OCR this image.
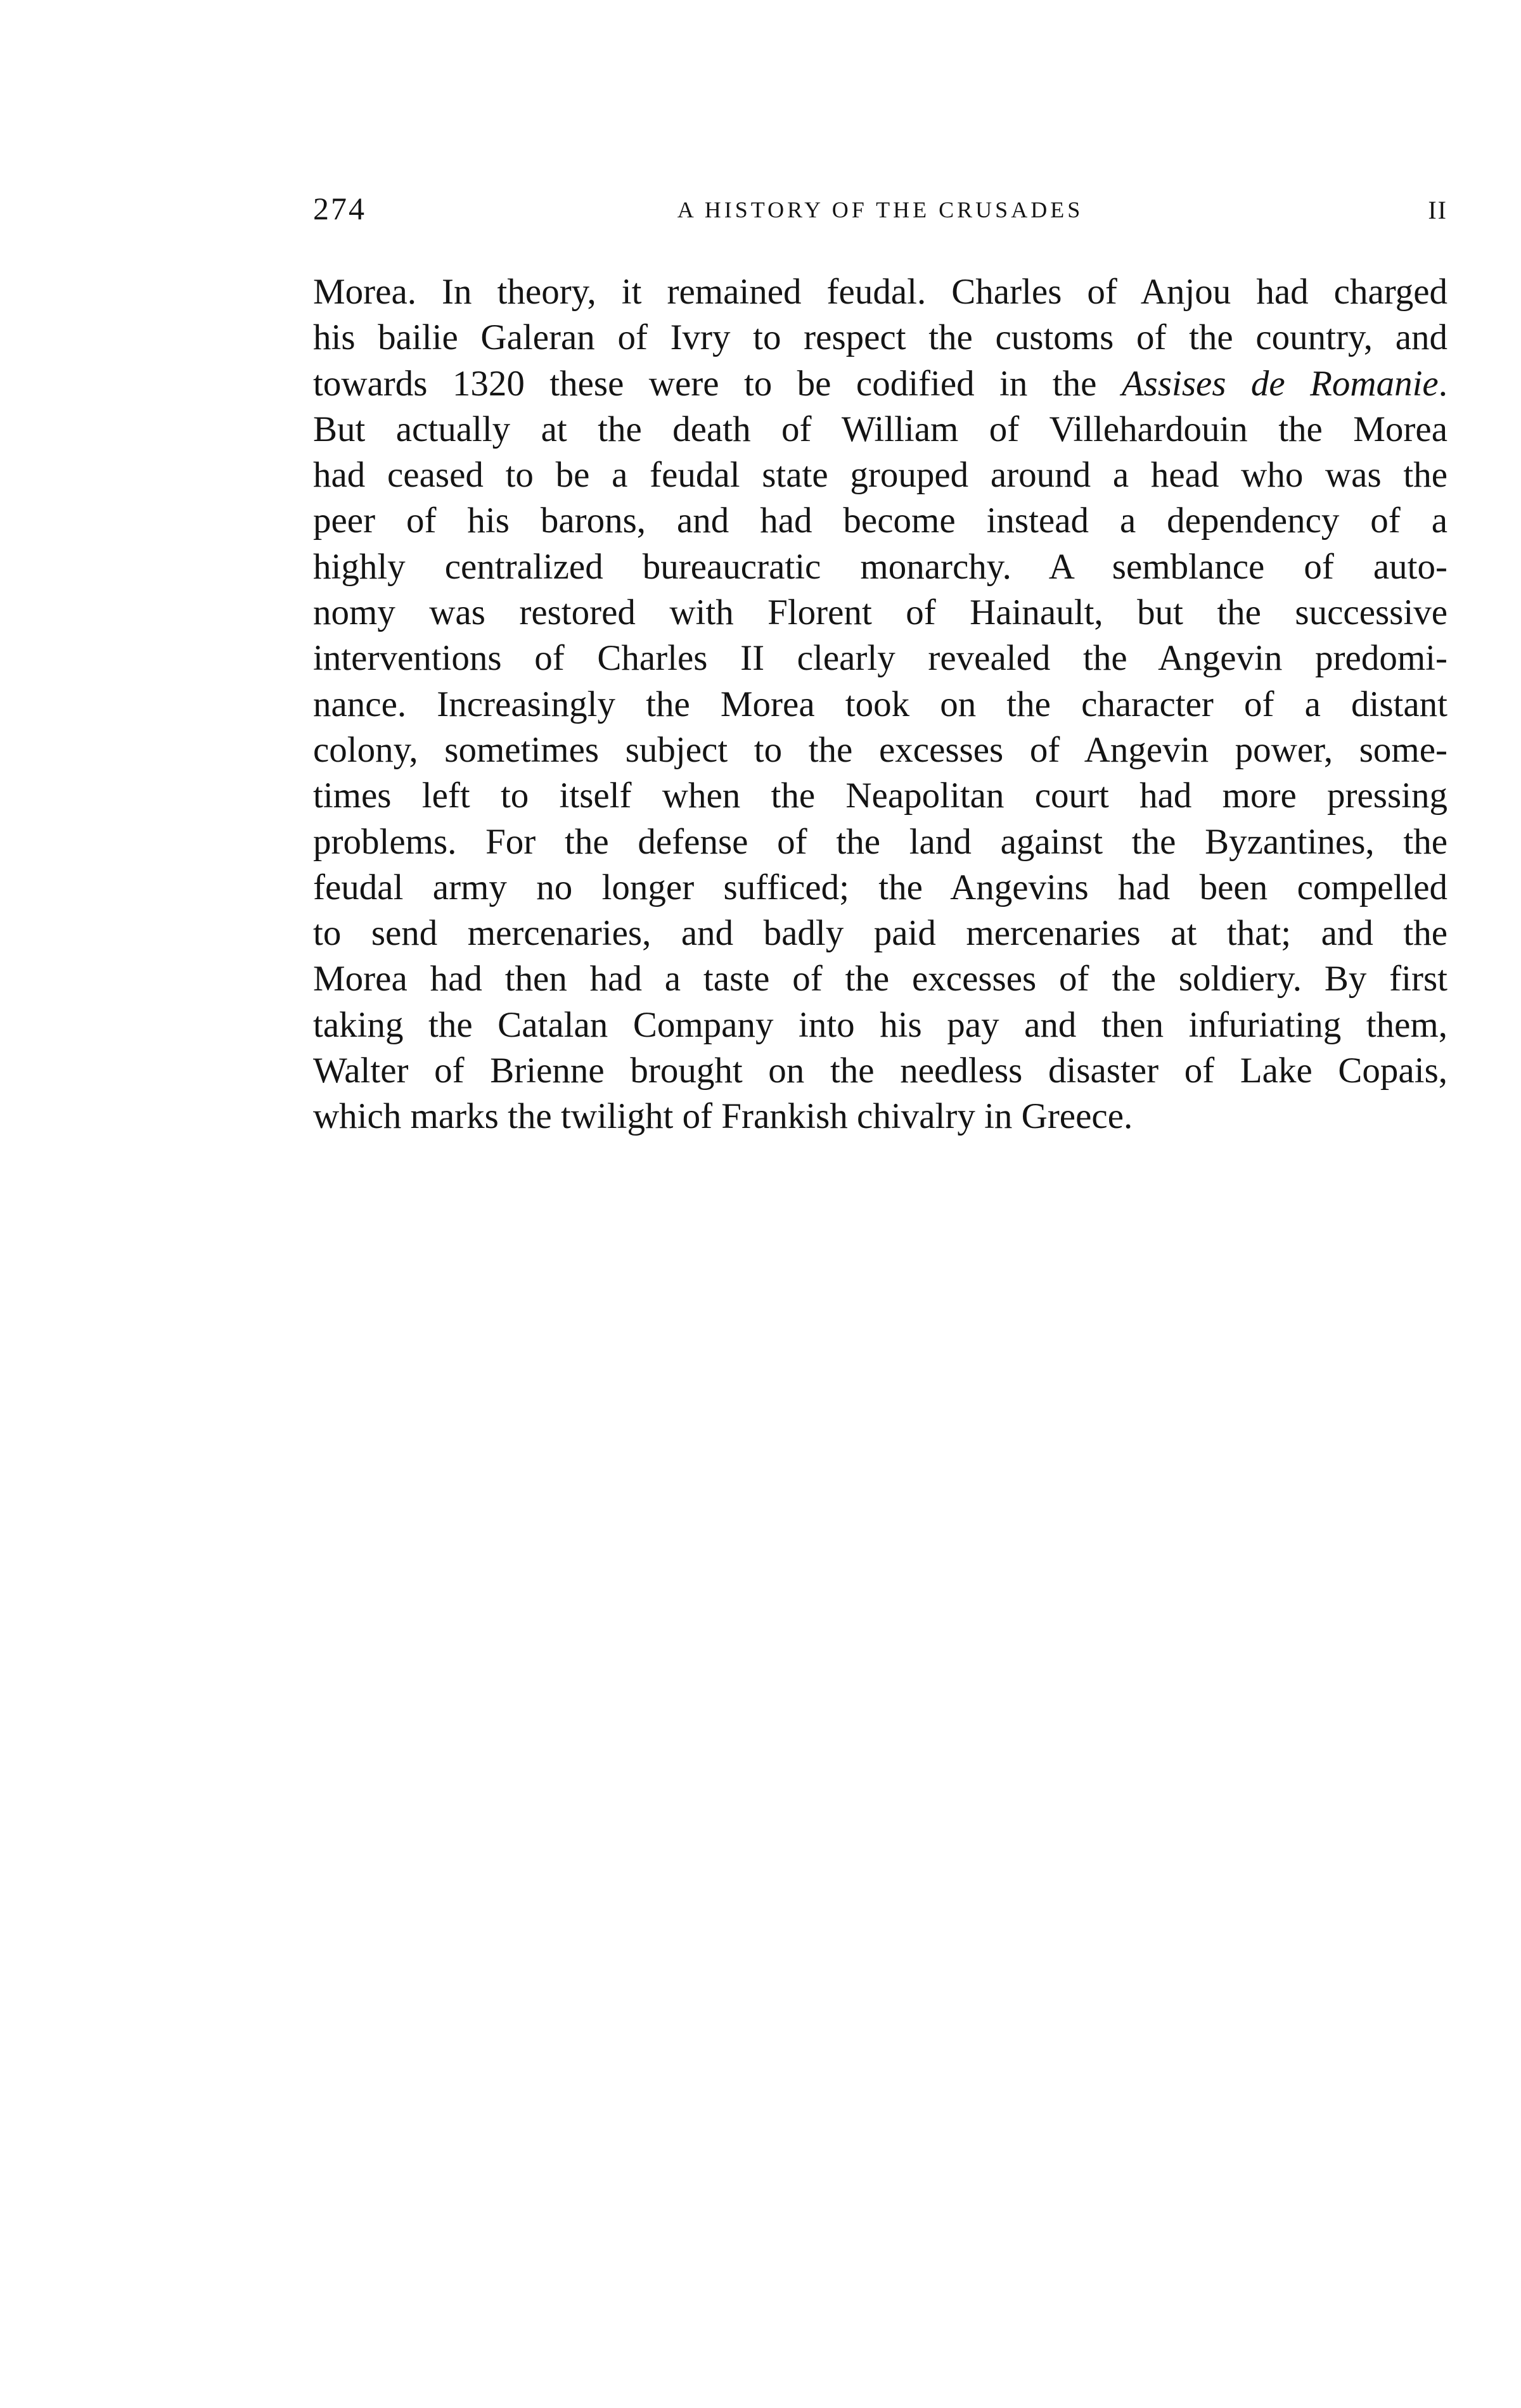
274	A HISTORY OF THE CRUSADES	II
Morea. In theory, it remained feudal. Charles of Anjou had charged
his bailie Galeran of Ivry to respect the customs of the country, and
towards 1320 these were to be codified in the Assises de Romanie.
But actually at the death of William of Villehardouin the Morea
had ceased to be a feudal state grouped around a head who was the
peer of his barons, and had become instead a dependency of a
highly centralized bureaucratic monarchy. A semblance of auto-
nomy was restored with Florent of Hainault, but the successive
interventions of Charles II clearly revealed the Angevin predomi-
nance. Increasingly the Morea took on the character of a distant
colony, sometimes subject to the excesses of Angevin power, some-
times left to itself when the Neapolitan court had more pressing
problems. For the defense of the land against the Byzantines, the
feudal army no longer sufficed; the Angevins had been compelled
to send mercenaries, and badly paid mercenaries at that; and the
Morea had then had a taste of the excesses of the soldiery. By first
taking the Catalan Company into his pay and then infuriating them,
Walter of Brienne brought on the needless disaster of Lake Copais,
which marks the twilight of Frankish chivalry in Greece.
